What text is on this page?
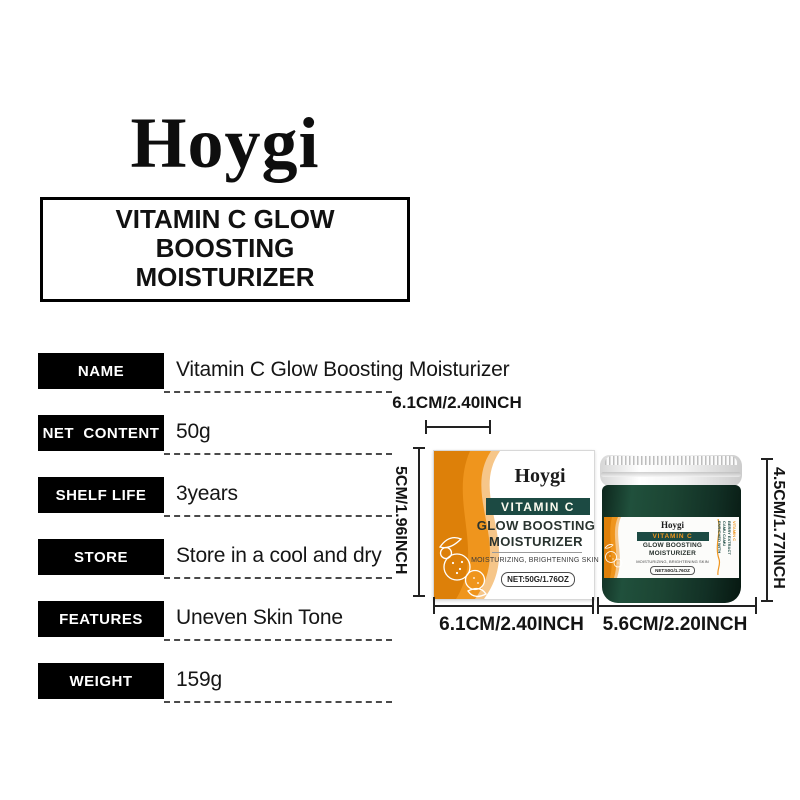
Hoygi
VITAMIN C GLOW BOOSTING
MOISTURIZER
NAME	Vitamin C Glow Boosting Moisturizer
NET  CONTENT 50g
SHELF LIFE	3years
STORE	Store in a cool and dry
FEATURES	Uneven Skin Tone
WEIGHT	159g
6.1CM/2.40INCH
5CM/1.96INCH	Hoygi
VITAMIN C
GLOW BOOSTING
MOISTURIZER
MOISTURIZING, BRIGHTENING SKIN
NET:50G/1.76OZ
Hoygi
VITAMIN C
GLOW BOOSTING
MOISTURIZER
MOISTURIZING, BRIGHTENING SKIN
NET:50G/1.76OZ
ENRICHED WITH CAMU CAMU BERRY EXTRACT VITAMIN C 4.5CM/1.77INCH
6.1CM/2.40INCH 5.6CM/2.20INCH
